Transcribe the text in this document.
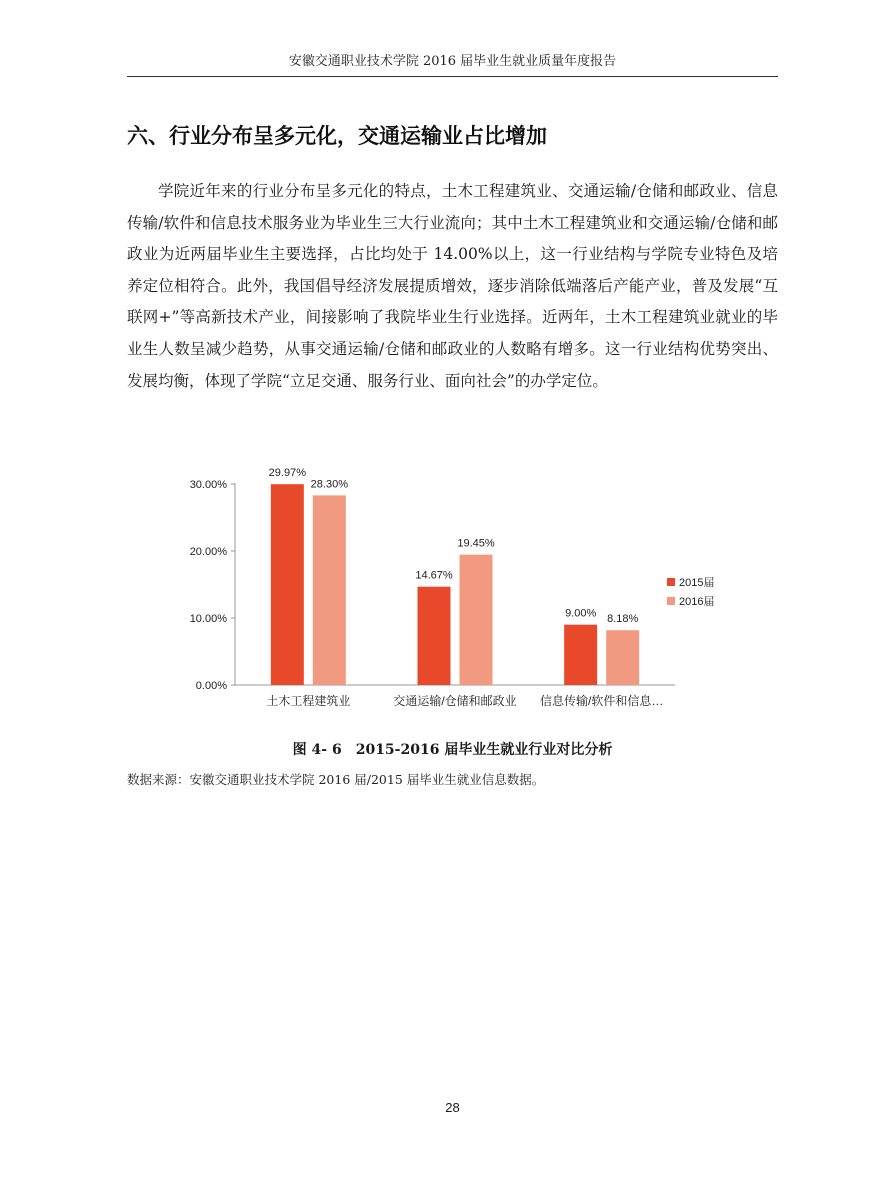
安徽交通职业技术学院 2016 届毕业生就业质量年度报告
六、行业分布呈多元化，交通运输业占比增加
学院近年来的行业分布呈多元化的特点，土木工程建筑业、交通运输/仓储和邮政业、信息传输/软件和信息技术服务业为毕业生三大行业流向；其中土木工程建筑业和交通运输/仓储和邮政业为近两届毕业生主要选择，占比均处于 14.00%以上，这一行业结构与学院专业特色及培养定位相符合。此外，我国倡导经济发展提质增效，逐步消除低端落后产能产业，普及发展“互联网+”等高新技术产业，间接影响了我院毕业生行业选择。近两年，土木工程建筑业就业的毕业生人数呈减少趋势，从事交通运输/仓储和邮政业的人数略有增多。这一行业结构优势突出、发展均衡，体现了学院“立足交通、服务行业、面向社会”的办学定位。
0.00%
10.00%
20.00%
30.00%
29.97%
28.30%
14.67%
19.45%
9.00% 8.18%
土木工程建筑业	交通运输/仓储和邮政业 信息传输/软件和信息…
2015届
2016届
图 4- 6　2015-2016 届毕业生就业行业对比分析
数据来源：安徽交通职业技术学院 2016 届/2015 届毕业生就业信息数据。
28
